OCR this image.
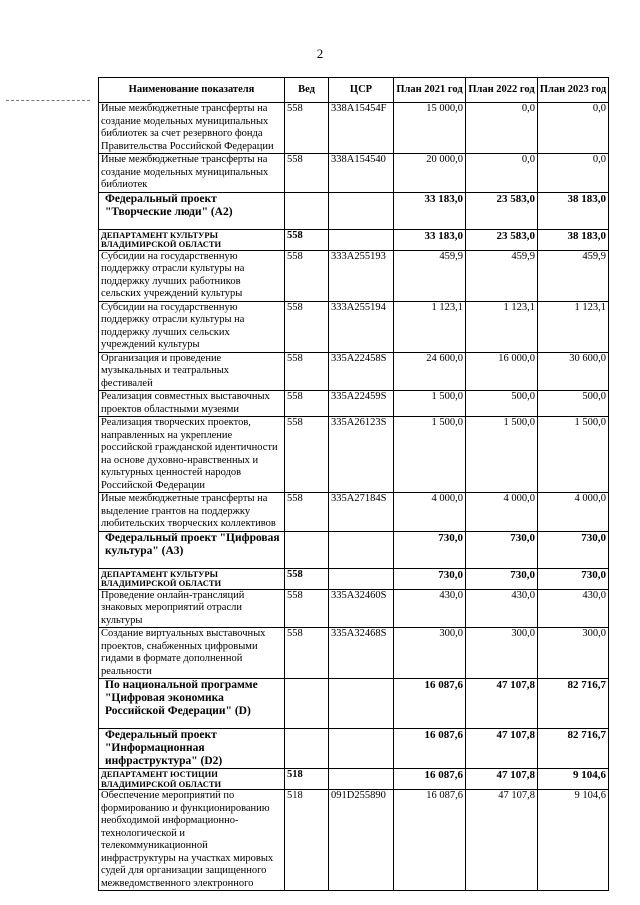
2
Наименование показателя	Вед	ЦСР	План 2021 год	План 2022 год	План 2023 год
Иные межбюджетные трансферты на создание модельных муниципальных библиотек за счет резервного фонда Правительства Российской Федерации	558	338A15454F	15 000,0	0,0	0,0
Иные межбюджетные трансферты на создание модельных муниципальных библиотек	558	338A154540	20 000,0	0,0	0,0
Федеральный проект "Творческие люди" (A2)			33 183,0	23 583,0	38 183,0
ДЕПАРТАМЕНТ КУЛЬТУРЫ ВЛАДИМИРСКОЙ ОБЛАСТИ	558		33 183,0	23 583,0	38 183,0
Субсидии на государственную поддержку отрасли культуры на поддержку лучших работников сельских учреждений культуры	558	333A255193	459,9	459,9	459,9
Субсидии на государственную поддержку отрасли культуры на поддержку лучших сельских учреждений культуры	558	333A255194	1 123,1	1 123,1	1 123,1
Организация и проведение музыкальных и театральных фестивалей	558	335A22458S	24 600,0	16 000,0	30 600,0
Реализация совместных выставочных проектов областными музеями	558	335A22459S	1 500,0	500,0	500,0
Реализация творческих проектов, направленных на укрепление российской гражданской идентичности на основе духовно-нравственных и культурных ценностей народов Российской Федерации	558	335A26123S	1 500,0	1 500,0	1 500,0
Иные межбюджетные трансферты на выделение грантов на поддержку любительских творческих коллективов	558	335A27184S	4 000,0	4 000,0	4 000,0
Федеральный проект "Цифровая культура" (A3)			730,0	730,0	730,0
ДЕПАРТАМЕНТ КУЛЬТУРЫ ВЛАДИМИРСКОЙ ОБЛАСТИ	558		730,0	730,0	730,0
Проведение онлайн-трансляций знаковых мероприятий отрасли культуры	558	335A32460S	430,0	430,0	430,0
Создание виртуальных выставочных проектов, снабженных цифровыми гидами в формате дополненной реальности	558	335A32468S	300,0	300,0	300,0
По национальной программе "Цифровая экономика Российской Федерации" (D)			16 087,6	47 107,8	82 716,7
Федеральный проект "Информационная инфраструктура" (D2)			16 087,6	47 107,8	82 716,7
ДЕПАРТАМЕНТ ЮСТИЦИИ ВЛАДИМИРСКОЙ ОБЛАСТИ	518		16 087,6	47 107,8	9 104,6
Обеспечение мероприятий по формированию и функционированию необходимой информационно-технологической и телекоммуникационной инфраструктуры на участках мировых судей для организации защищенного межведомственного электронного	518	091D255890	16 087,6	47 107,8	9 104,6
